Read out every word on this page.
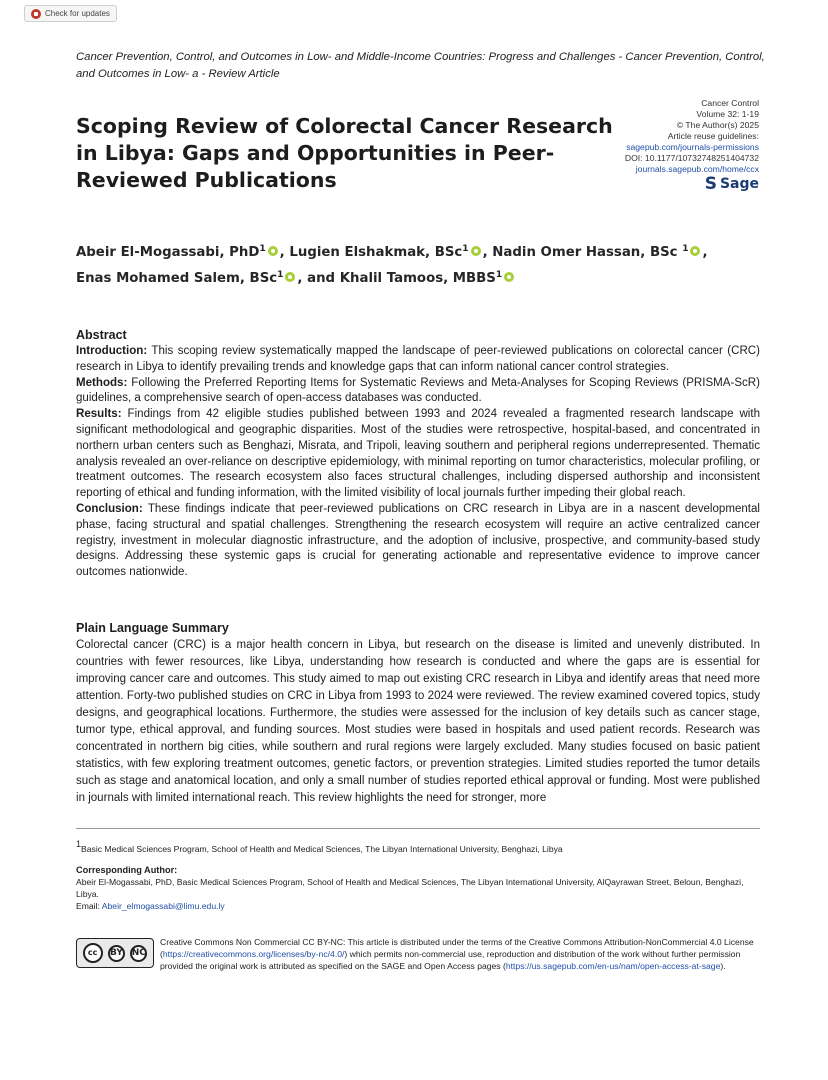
Check for updates
Cancer Prevention, Control, and Outcomes in Low- and Middle-Income Countries: Progress and Challenges - Cancer Prevention, Control, and Outcomes in Low- a - Review Article
Scoping Review of Colorectal Cancer Research in Libya: Gaps and Opportunities in Peer-Reviewed Publications
Cancer Control
Volume 32: 1-19
© The Author(s) 2025
Article reuse guidelines:
sagepub.com/journals-permissions
DOI: 10.1177/10732748251404732
journals.sagepub.com/home/ccx
S Sage
Abeir El-Mogassabi, PhD$^1$ , Lugien Elshakmak, BSc$^1$ , Nadin Omer Hassan, BSc $^1$ ,
Enas Mohamed Salem, BSc$^1$ , and Khalil Tamoos, MBBS$^1$
Abstract

Introduction: This scoping review systematically mapped the landscape of peer-reviewed publications on colorectal cancer (CRC) research in Libya to identify prevailing trends and knowledge gaps that can inform national cancer control strategies.

Methods: Following the Preferred Reporting Items for Systematic Reviews and Meta-Analyses for Scoping Reviews (PRISMA-ScR) guidelines, a comprehensive search of open-access databases was conducted.

Results: Findings from 42 eligible studies published between 1993 and 2024 revealed a fragmented research landscape with significant methodological and geographic disparities. Most of the studies were retrospective, hospital-based, and concentrated in northern urban centers such as Benghazi, Misrata, and Tripoli, leaving southern and peripheral regions underrepresented. Thematic analysis revealed an over-reliance on descriptive epidemiology, with minimal reporting on tumor characteristics, molecular profiling, or treatment outcomes. The research ecosystem also faces structural challenges, including dispersed authorship and inconsistent reporting of ethical and funding information, with the limited visibility of local journals further impeding their global reach.

Conclusion: These findings indicate that peer-reviewed publications on CRC research in Libya are in a nascent developmental phase, facing structural and spatial challenges. Strengthening the research ecosystem will require an active centralized cancer registry, investment in molecular diagnostic infrastructure, and the adoption of inclusive, prospective, and community-based study designs. Addressing these systemic gaps is crucial for generating actionable and representative evidence to improve cancer outcomes nationwide.

Plain Language Summary

Colorectal cancer (CRC) is a major health concern in Libya, but research on the disease is limited and unevenly distributed. In countries with fewer resources, like Libya, understanding how research is conducted and where the gaps are is essential for improving cancer care and outcomes. This study aimed to map out existing CRC research in Libya and identify areas that need more attention. Forty-two published studies on CRC in Libya from 1993 to 2024 were reviewed. The review examined covered topics, study designs, and geographical locations. Furthermore, the studies were assessed for the inclusion of key details such as cancer stage, tumor type, ethical approval, and funding sources. Most studies were based in hospitals and used patient records. Research was concentrated in northern big cities, while southern and rural regions were largely excluded. Many studies focused on basic patient statistics, with few exploring treatment outcomes, genetic factors, or prevention strategies. Limited studies reported the tumor details such as stage and anatomical location, and only a small number of studies reported ethical approval or funding. Most were published in journals with limited international reach. This review highlights the need for stronger, more

1Basic Medical Sciences Program, School of Health and Medical Sciences, The Libyan International University, Benghazi, Libya
Corresponding Author:
Abeir El-Mogassabi, PhD, Basic Medical Sciences Program, School of Health and Medical Sciences, The Libyan International University, AlQayrawan Street, Beloun, Benghazi, Libya.
Email: Abeir_elmogassabi@limu.edu.ly
cc	BY NC
Creative Commons Non Commercial CC BY-NC: This article is distributed under the terms of the Creative Commons Attribution-NonCommercial 4.0 License (https://creativecommons.org/licenses/by-nc/4.0/) which permits non-commercial use, reproduction and distribution of the work without further permission provided the original work is attributed as specified on the SAGE and Open Access pages (https://us.sagepub.com/en-us/nam/open-access-at-sage).
